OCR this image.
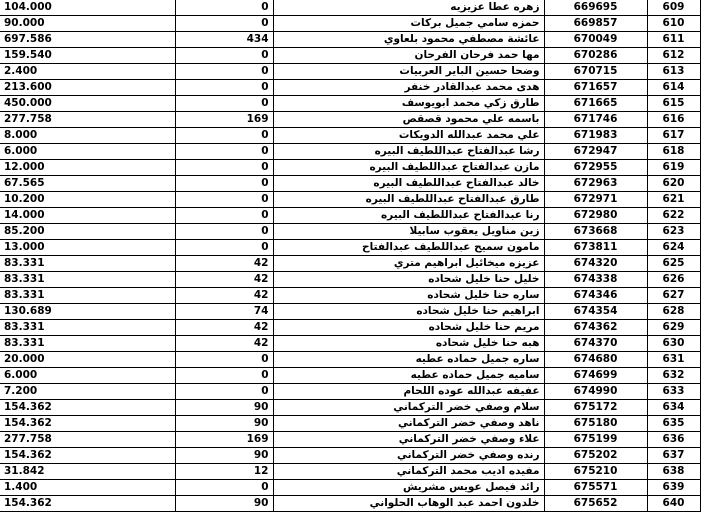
104.000	0	زهره عطا عزيزيه	669695	609
90.000	0	حمزه سامي جميل بركات	669857	610
697.586	434	عائشة مصطفي محمود بلعاوي	670049	611
159.540	0	مها حمد فرحان الفرحان	670286	612
2.400	0	وضحا حسين الباير العربيات	670715	613
213.600	0	هدى محمد عبدالقادر خنفر	671657	614
450.000	0	طارق زكي محمد ابويوسف	671665	615
277.758	169	باسمه علي محمود قصقص	671746	616
8.000	0	علي محمد عبدالله الدويكات	671983	617
6.000	0	رشا عبدالفتاح عبداللطيف البيره	672947	618
12.000	0	مازن عبدالفتاح عبداللطيف البيره	672955	619
67.565	0	خالد عبدالفتاح عبداللطيف البيره	672963	620
10.200	0	طارق عبدالفتاح عبداللطيف البيره	672971	621
14.000	0	رنا عبدالفتاح عبداللطيف البيره	672980	622
85.200	0	زين مناويل يعقوب سابيلا	673668	623
13.000	0	مامون سميح عبداللطيف عبدالفتاح	673811	624
83.331	42	عزيزه ميخائيل ابراهيم متري	674320	625
83.331	42	خليل حنا خليل شحاده	674338	626
83.331	42	ساره حنا خليل شحاده	674346	627
130.689	74	ابراهيم حنا خليل شحاده	674354	628
83.331	42	مريم حنا خليل شحاده	674362	629
83.331	42	هبه حنا خليل شحاده	674370	630
20.000	0	ساره جميل حماده عطيه	674680	631
6.000	0	ساميه جميل حماده عطيه	674699	632
7.200	0	عفيفه عبدالله عوده اللحام	674990	633
154.362	90	سلام وصفي خضر التركماني	675172	634
154.362	90	ناهد وصفي خضر التركماني	675180	635
277.758	169	علاء وصفي خضر التركماني	675199	636
154.362	90	رنده وصفي خضر التركماني	675202	637
31.842	12	مفيده اديب محمد التركماني	675210	638
1.400	0	رائد فيصل عويس مشريش	675571	639
154.362	90	خلدون احمد عبد الوهاب الحلواني	675652	640
